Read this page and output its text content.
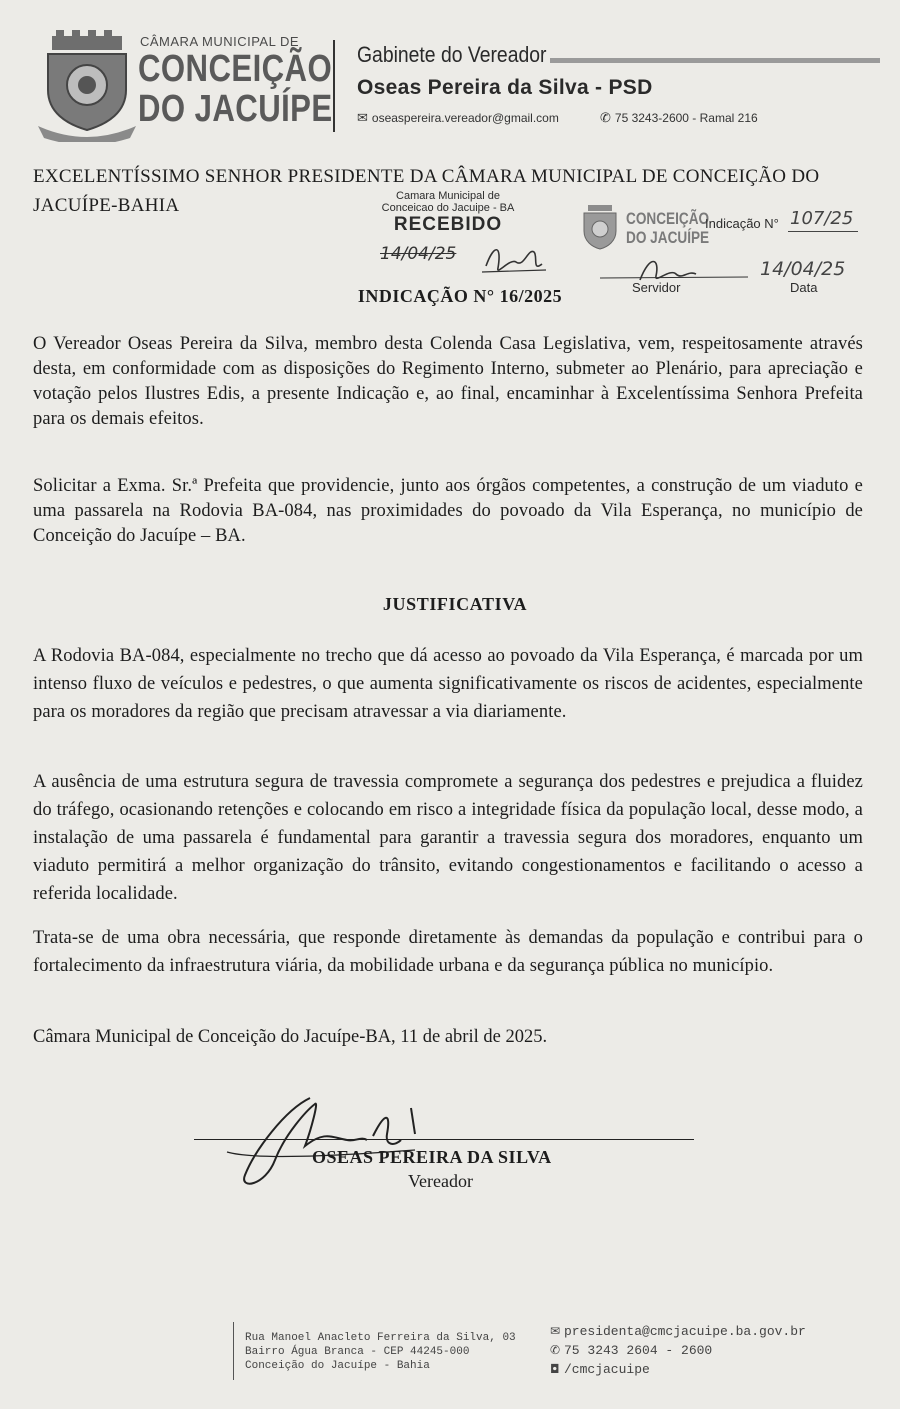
CÂMARA MUNICIPAL DE
CONCEIÇÃO
DO JACUÍPE
Gabinete do Vereador
Oseas Pereira da Silva - PSD
✉ oseaspereira.vereador@gmail.com	✆ 75 3243-2600 - Ramal 216
EXCELENTÍSSIMO SENHOR PRESIDENTE DA CÂMARA MUNICIPAL DE CONCEIÇÃO DO JACUÍPE-BAHIA	Camara Municipal de
Conceicao do Jacuipe - BA
RECEBIDO
14/04/25
CONCEIÇÃO
DO JACUÍPE
Indicação N° 107/25
14/04/25
Servidor	Data
INDICAÇÃO N° 16/2025
O Vereador Oseas Pereira da Silva, membro desta Colenda Casa Legislativa, vem, respeitosamente através desta, em conformidade com as disposições do Regimento Interno, submeter ao Plenário, para apreciação e votação pelos Ilustres Edis, a presente Indicação e, ao final, encaminhar à Excelentíssima Senhora Prefeita para os demais efeitos.
Solicitar a Exma. Sr.ª Prefeita que providencie, junto aos órgãos competentes, a construção de um viaduto e uma passarela na Rodovia BA-084, nas proximidades do povoado da Vila Esperança, no município de Conceição do Jacuípe – BA.
JUSTIFICATIVA
A Rodovia BA-084, especialmente no trecho que dá acesso ao povoado da Vila Esperança, é marcada por um intenso fluxo de veículos e pedestres, o que aumenta significativamente os riscos de acidentes, especialmente para os moradores da região que precisam atravessar a via diariamente.
A ausência de uma estrutura segura de travessia compromete a segurança dos pedestres e prejudica a fluidez do tráfego, ocasionando retenções e colocando em risco a integridade física da população local, desse modo, a instalação de uma passarela é fundamental para garantir a travessia segura dos moradores, enquanto um viaduto permitirá a melhor organização do trânsito, evitando congestionamentos e facilitando o acesso a referida localidade.
Trata-se de uma obra necessária, que responde diretamente às demandas da população e contribui para o fortalecimento da infraestrutura viária, da mobilidade urbana e da segurança pública no município.
Câmara Municipal de Conceição do Jacuípe-BA, 11 de abril de 2025.
OSEAS PEREIRA DA SILVA
Vereador
Rua Manoel Anacleto Ferreira da Silva, 03
Bairro Água Branca - CEP 44245-000
Conceição do Jacuípe - Bahia
✉ presidenta@cmcjacuipe.ba.gov.br
✆ 75 3243 2604 - 2600
◘ /cmcjacuipe
